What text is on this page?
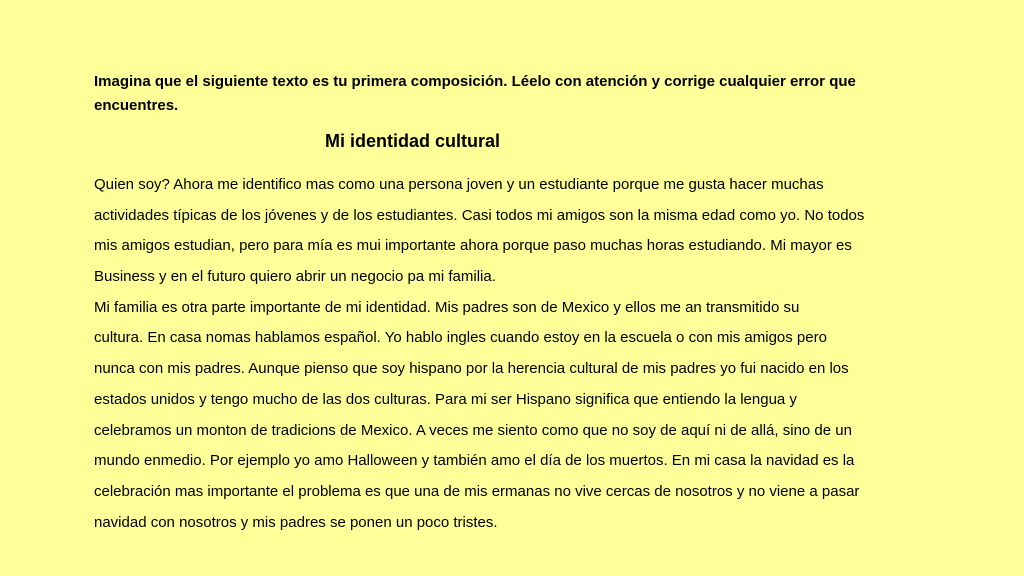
Imagina que el siguiente texto es tu primera composición. Léelo con atención y corrige cualquier error que encuentres.

Mi identidad cultural
Quien soy? Ahora me identifico mas como una persona joven y un estudiante porque me gusta hacer muchas
actividades típicas de los jóvenes y de los estudiantes. Casi todos mi amigos son la misma edad como yo. No todos
mis amigos estudian, pero para mía es mui importante ahora porque paso muchas horas estudiando. Mi mayor es
Business y en el futuro quiero abrir un negocio pa mi familia.
Mi familia es otra parte importante de mi identidad. Mis padres son de Mexico y ellos me an transmitido su
cultura. En casa nomas hablamos español. Yo hablo ingles cuando estoy en la escuela o con mis amigos pero
nunca con mis padres. Aunque pienso que soy hispano por la herencia cultural de mis padres yo fui nacido en los
estados unidos y tengo mucho de las dos culturas. Para mi ser Hispano significa que entiendo la lengua y
celebramos un monton de tradicions de Mexico. A veces me siento como que no soy de aquí ni de allá, sino de un
mundo enmedio. Por ejemplo yo amo Halloween y también amo el día de los muertos. En mi casa la navidad es la
celebración mas importante el problema es que una de mis ermanas no vive cercas de nosotros y no viene a pasar
navidad con nosotros y mis padres se ponen un poco tristes.
